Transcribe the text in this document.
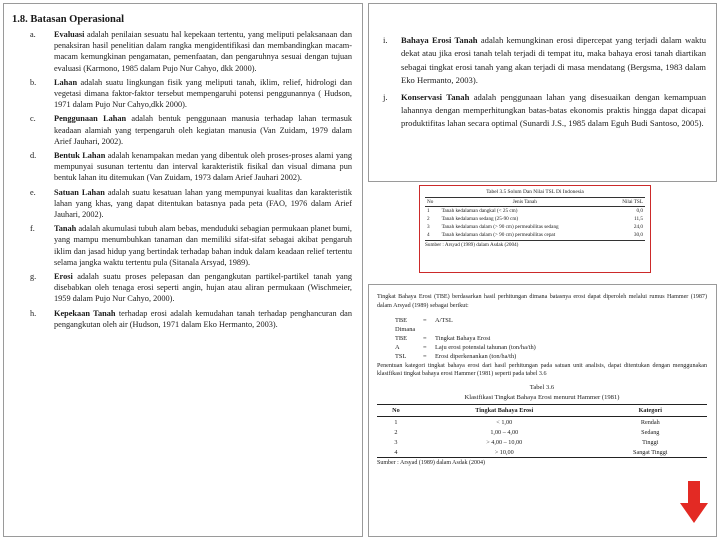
1.8. Batasan Operasional
a.	Evaluasi adalah penilaian sesuatu hal kepekaan tertentu, yang meliputi pelaksanaan dan penaksiran hasil penelitian dalam rangka mengidentifikasi dan membandingkan macam-macam kemungkinan pengamatan, pemenfaatan, dan pengaruhnya sesuai dengan tujuan evaluasi (Karmono, 1985 dalam Pujo Nur Cahyo, dkk 2000).
b.	Lahan adalah suatu lingkungan fisik yang meliputi tanah, iklim, relief, hidrologi dan vegetasi dimana faktor-faktor tersebut mempengaruhi potensi penggunannya ( Hudson, 1971 dalam Pujo Nur Cahyo,dkk 2000).
c.	Penggunaan Lahan adalah bentuk penggunaan manusia terhadap lahan termasuk keadaan alamiah yang terpengaruh oleh kegiatan manusia (Van Zuidam, 1979 dalam Arief Jauhari, 2002).
d.	Bentuk Lahan adalah kenampakan medan yang dibentuk oleh proses-proses alami yang mempunyai susunan tertentu dan interval karakteristik fisikal dan visual dimana pun bentuk lahan itu ditemukan (Van Zuidam, 1973 dalam Arief Jauhari 2002).
e.	Satuan Lahan adalah suatu kesatuan lahan yang mempunyai kualitas dan karakteristik lahan yang khas, yang dapat ditentukan batasnya pada peta (FAO, 1976 dalam Arief Jauhari, 2002).
f.	Tanah adalah akumulasi tubuh alam bebas, menduduki sebagian permukaan planet bumi, yang mampu menumbuhkan tanaman dan memiliki sifat-sifat sebagai akibat pengaruh iklim dan jasad hidup yang bertindak terhadap bahan induk dalam keadaan relief tertentu selama jangka waktu tertentu pula (Sitanala Arsyad, 1989).
g.	Erosi adalah suatu proses pelepasan dan pengangkutan partikel-partikel tanah yang disebabkan oleh tenaga erosi seperti angin, hujan atau aliran permukaan (Wischmeier, 1959 dalam Pujo Nur Cahyo, 2000).
h.	Kepekaan Tanah terhadap erosi adalah kemudahan tanah terhadap penghancuran dan pengangkutan oleh air (Hudson, 1971 dalam Eko Hermanto, 2003).
i.	Bahaya Erosi Tanah adalah kemungkinan erosi dipercepat yang terjadi dalam waktu dekat atau jika erosi tanah telah terjadi di tempat itu, maka bahaya erosi tanah diartikan sebagai tingkat erosi tanah yang akan terjadi di masa mendatang (Bergsma, 1983 dalam Eko Hermanto, 2003).
j.	Konservasi Tanah adalah penggunaan lahan yang disesuaikan dengan kemampuan lahannya dengan memperhitungkan batas-batas ekonomis praktis hingga dapat dicapai produktifitas lahan secara optimal (Sunardi J.S., 1985 dalam Eguh Budi Santoso, 2005).
Tabel 3.5 Solum Dan Nilai TSL Di Indonesia
No	Jenis Tanah	Nilai TSL
1	Tanah kedalaman dangkal (< 25 cm)	0,0
2	Tanah kedalaman sedang (25-90 cm)	11,5
3	Tanah kedalaman dalam (> 90 cm) permeabilitas sedang	24,0
4	Tanah kedalaman dalam (> 90 cm) permeabilitas cepat	30,0
Sumber : Arsyad (1989) dalam Asdak (2004)

Tingkat Bahaya Erosi (TBE) berdasarkan hasil perhitungan dimana batasnya erosi dapat diperoleh melalui rumus Hammer (1987) dalam Arsyad (1989) sebagai berikut:

TBE	=	A/TSL
Dimana
TBE	=	Tingkat Bahaya Erosi
A	=	Laju erosi potensial tahunan (ton/ha/th)
TSL	=	Erosi diperkenankan (ton/ha/th)

Penentuan kategori tingkat bahaya erosi dari hasil perhitungan pada satuan unit analisis, dapat ditentukan dengan menggunakan klasifikasi tingkat bahaya erosi Hammer (1981) seperti pada tabel 3.6

Tabel 3.6
Klasifikasi Tingkat Bahaya Erosi menurut Hammer (1981)
No	Tingkat Bahaya Erosi	Kategori
1	< 1,00	Rendah
2	1,00 – 4,00	Sedang
3	> 4,00 – 10,00	Tinggi
4	> 10,00	Sangat Tinggi
Sumber : Arsyad (1989) dalam Asdak (2004)
